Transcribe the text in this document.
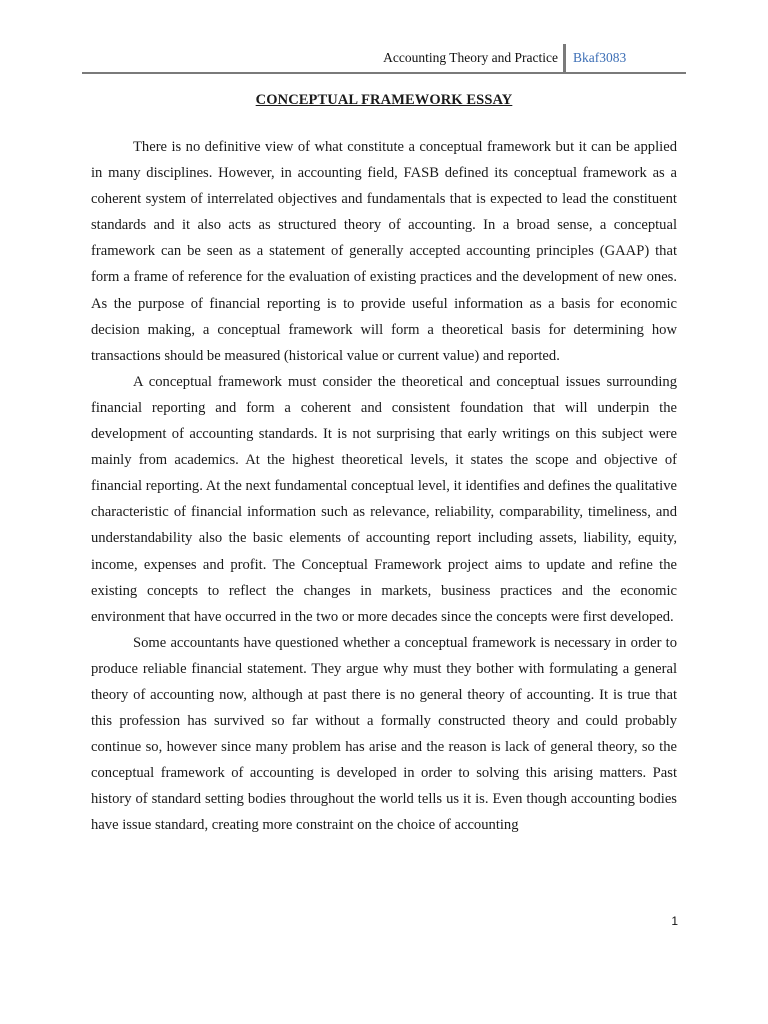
Accounting Theory and Practice Bkaf3083
CONCEPTUAL FRAMEWORK ESSAY

There is no definitive view of what constitute a conceptual framework but it can be applied in many disciplines. However, in accounting field, FASB defined its conceptual framework as a coherent system of interrelated objectives and fundamentals that is expected to lead the constituent standards and it also acts as structured theory of accounting. In a broad sense, a conceptual framework can be seen as a statement of generally accepted accounting principles (GAAP) that form a frame of reference for the evaluation of existing practices and the development of new ones. As the purpose of financial reporting is to provide useful information as a basis for economic decision making, a conceptual framework will form a theoretical basis for determining how transactions should be measured (historical value or current value) and reported.

A conceptual framework must consider the theoretical and conceptual issues surrounding financial reporting and form a coherent and consistent foundation that will underpin the development of accounting standards. It is not surprising that early writings on this subject were mainly from academics. At the highest theoretical levels, it states the scope and objective of financial reporting. At the next fundamental conceptual level, it identifies and defines the qualitative characteristic of financial information such as relevance, reliability, comparability, timeliness, and understandability also the basic elements of accounting report including assets, liability, equity, income, expenses and profit. The Conceptual Framework project aims to update and refine the existing concepts to reflect the changes in markets, business practices and the economic environment that have occurred in the two or more decades since the concepts were first developed.

Some accountants have questioned whether a conceptual framework is necessary in order to produce reliable financial statement. They argue why must they bother with formulating a general theory of accounting now, although at past there is no general theory of accounting. It is true that this profession has survived so far without a formally constructed theory and could probably continue so, however since many problem has arise and the reason is lack of general theory, so the conceptual framework of accounting is developed in order to solving this arising matters. Past history of standard setting bodies throughout the world tells us it is. Even though accounting bodies have issue standard, creating more constraint on the choice of accounting

1
